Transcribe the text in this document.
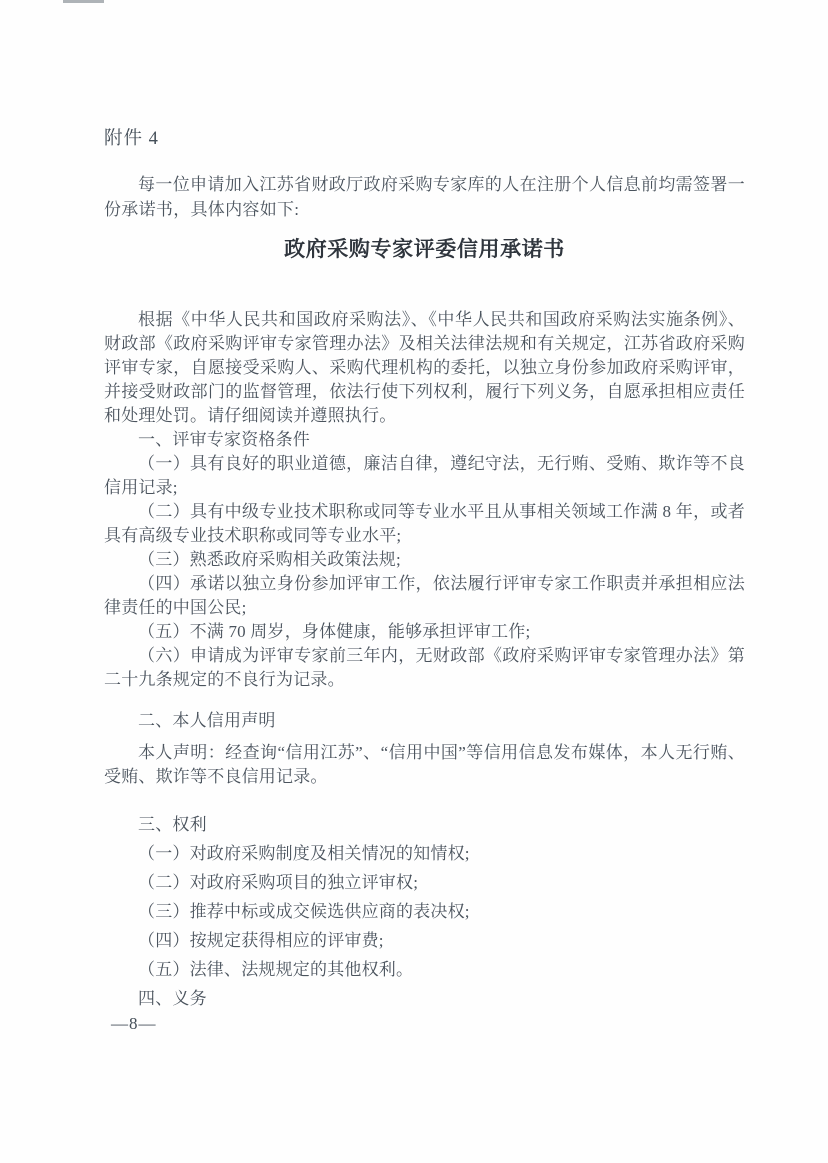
附件 4

每一位申请加入江苏省财政厅政府采购专家库的人在注册个人信息前均需签署一份承诺书，具体内容如下:

政府采购专家评委信用承诺书

根据《中华人民共和国政府采购法》、《中华人民共和国政府采购法实施条例》、财政部《政府采购评审专家管理办法》及相关法律法规和有关规定，江苏省政府采购评审专家，自愿接受采购人、采购代理机构的委托，以独立身份参加政府采购评审，并接受财政部门的监督管理，依法行使下列权利，履行下列义务，自愿承担相应责任和处理处罚。请仔细阅读并遵照执行。

一、评审专家资格条件

（一）具有良好的职业道德，廉洁自律，遵纪守法，无行贿、受贿、欺诈等不良信用记录;

（二）具有中级专业技术职称或同等专业水平且从事相关领域工作满 8 年，或者具有高级专业技术职称或同等专业水平;

（三）熟悉政府采购相关政策法规;

（四）承诺以独立身份参加评审工作，依法履行评审专家工作职责并承担相应法律责任的中国公民;

（五）不满 70 周岁，身体健康，能够承担评审工作;

（六）申请成为评审专家前三年内，无财政部《政府采购评审专家管理办法》第二十九条规定的不良行为记录。

二、本人信用声明

本人声明：经查询“信用江苏”、“信用中国”等信用信息发布媒体，本人无行贿、受贿、欺诈等不良信用记录。

三、权利

（一）对政府采购制度及相关情况的知情权;

（二）对政府采购项目的独立评审权;

（三）推荐中标或成交候选供应商的表决权;

（四）按规定获得相应的评审费;

（五）法律、法规规定的其他权利。

四、义务

—8—
